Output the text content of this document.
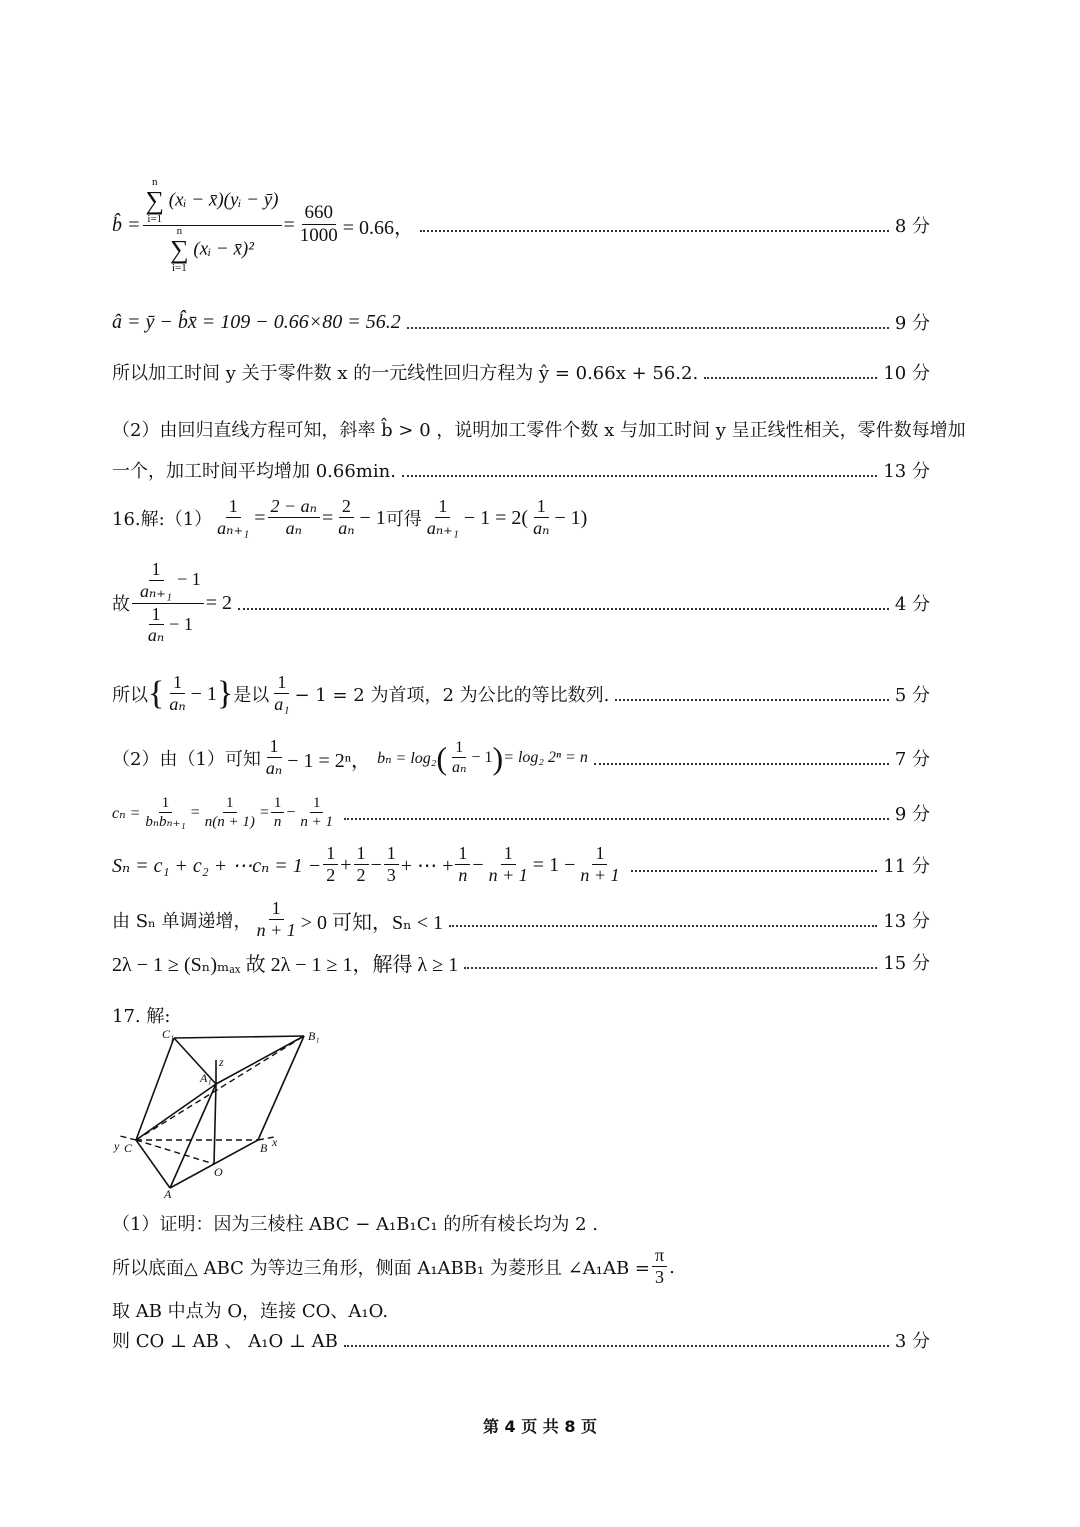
b̂ = n
∑
i=1
(xᵢ − x̄)(yᵢ − ȳ)
n
∑
i=1
(xᵢ − x̄)² = $\frac{660}{1000} = 0.66$，	8 分
â = ȳ − b̂x̄ = 109 − 0.66×80 = 56.2	9 分
所以加工时间 y 关于零件数 x 的一元线性回归方程为 ŷ = 0.66x + 56.2.	10 分
（2）由回归直线方程可知，斜率 b̂ > 0 ，说明加工零件个数 x 与加工时间 y 呈正线性相关，零件数每增加
一个，加工时间平均增加 0.66min.	13 分
16.解:（1） $\frac{1}{\text{aₙ₊₁}} = \frac{\text{2 − aₙ}}{\text{aₙ}} = \frac{2}{\text{aₙ}} - 1$ 可得 $\frac{1}{\text{aₙ₊₁}} - 1 = 2( \frac{1}{\text{aₙ}} - 1)$
故 $\frac{\frac{1}{\text{aₙ₊₁}} - 1}{\frac{1}{\text{aₙ}} - 1} = 2$	4 分
所以 { $\frac{1}{\text{aₙ}} - 1$ } 是以 $\frac{1}{\text{a₁}} - 1 = 2$ 为首项，2 为公比的等比数列.	5 分
（2）由（1）可知 $\frac{1}{\text{aₙ}} - 1 = 2^n$， bₙ = log₂ ( $\frac{1}{\text{aₙ}} - 1$ ) = log₂ 2ⁿ = n	7 分
$c_n = \frac{1}{\text{bₙbₙ₊₁}} = \frac{1}{n(n + 1)} = \frac{1}{n} - \frac{1}{n + 1}$	9 分
Sₙ = c₁ + c₂ + ⋯cₙ = $1 - \frac{1}{2} + \frac{1}{2} - \frac{1}{3}$ + ⋯ + $\frac{1}{n} - \frac{1}{n + 1} = 1 - \frac{1}{n + 1}$	11 分
由 Sₙ 单调递增， $\frac{1}{n + 1} > 0$ 可知，Sₙ < 1	13 分
2λ − 1 ≥ (Sₙ)ₘₐₓ 故 2λ − 1 ≥ 1，解得 λ ≥ 1	15 分
17. 解:
C₁	B₁
A₁
z
y C	B x
O
A
（1）证明：因为三棱柱 ABC − A₁B₁C₁ 的所有棱长均为 2 .
所以底面△ ABC 为等边三角形，侧面 A₁ABB₁ 为菱形且 ∠A₁AB = $\frac{\pi}{3}$ .
取 AB 中点为 O，连接 CO、A₁O.
则 CO ⊥ AB 、 A₁O ⊥ AB	3 分
第 4 页 共 8 页
